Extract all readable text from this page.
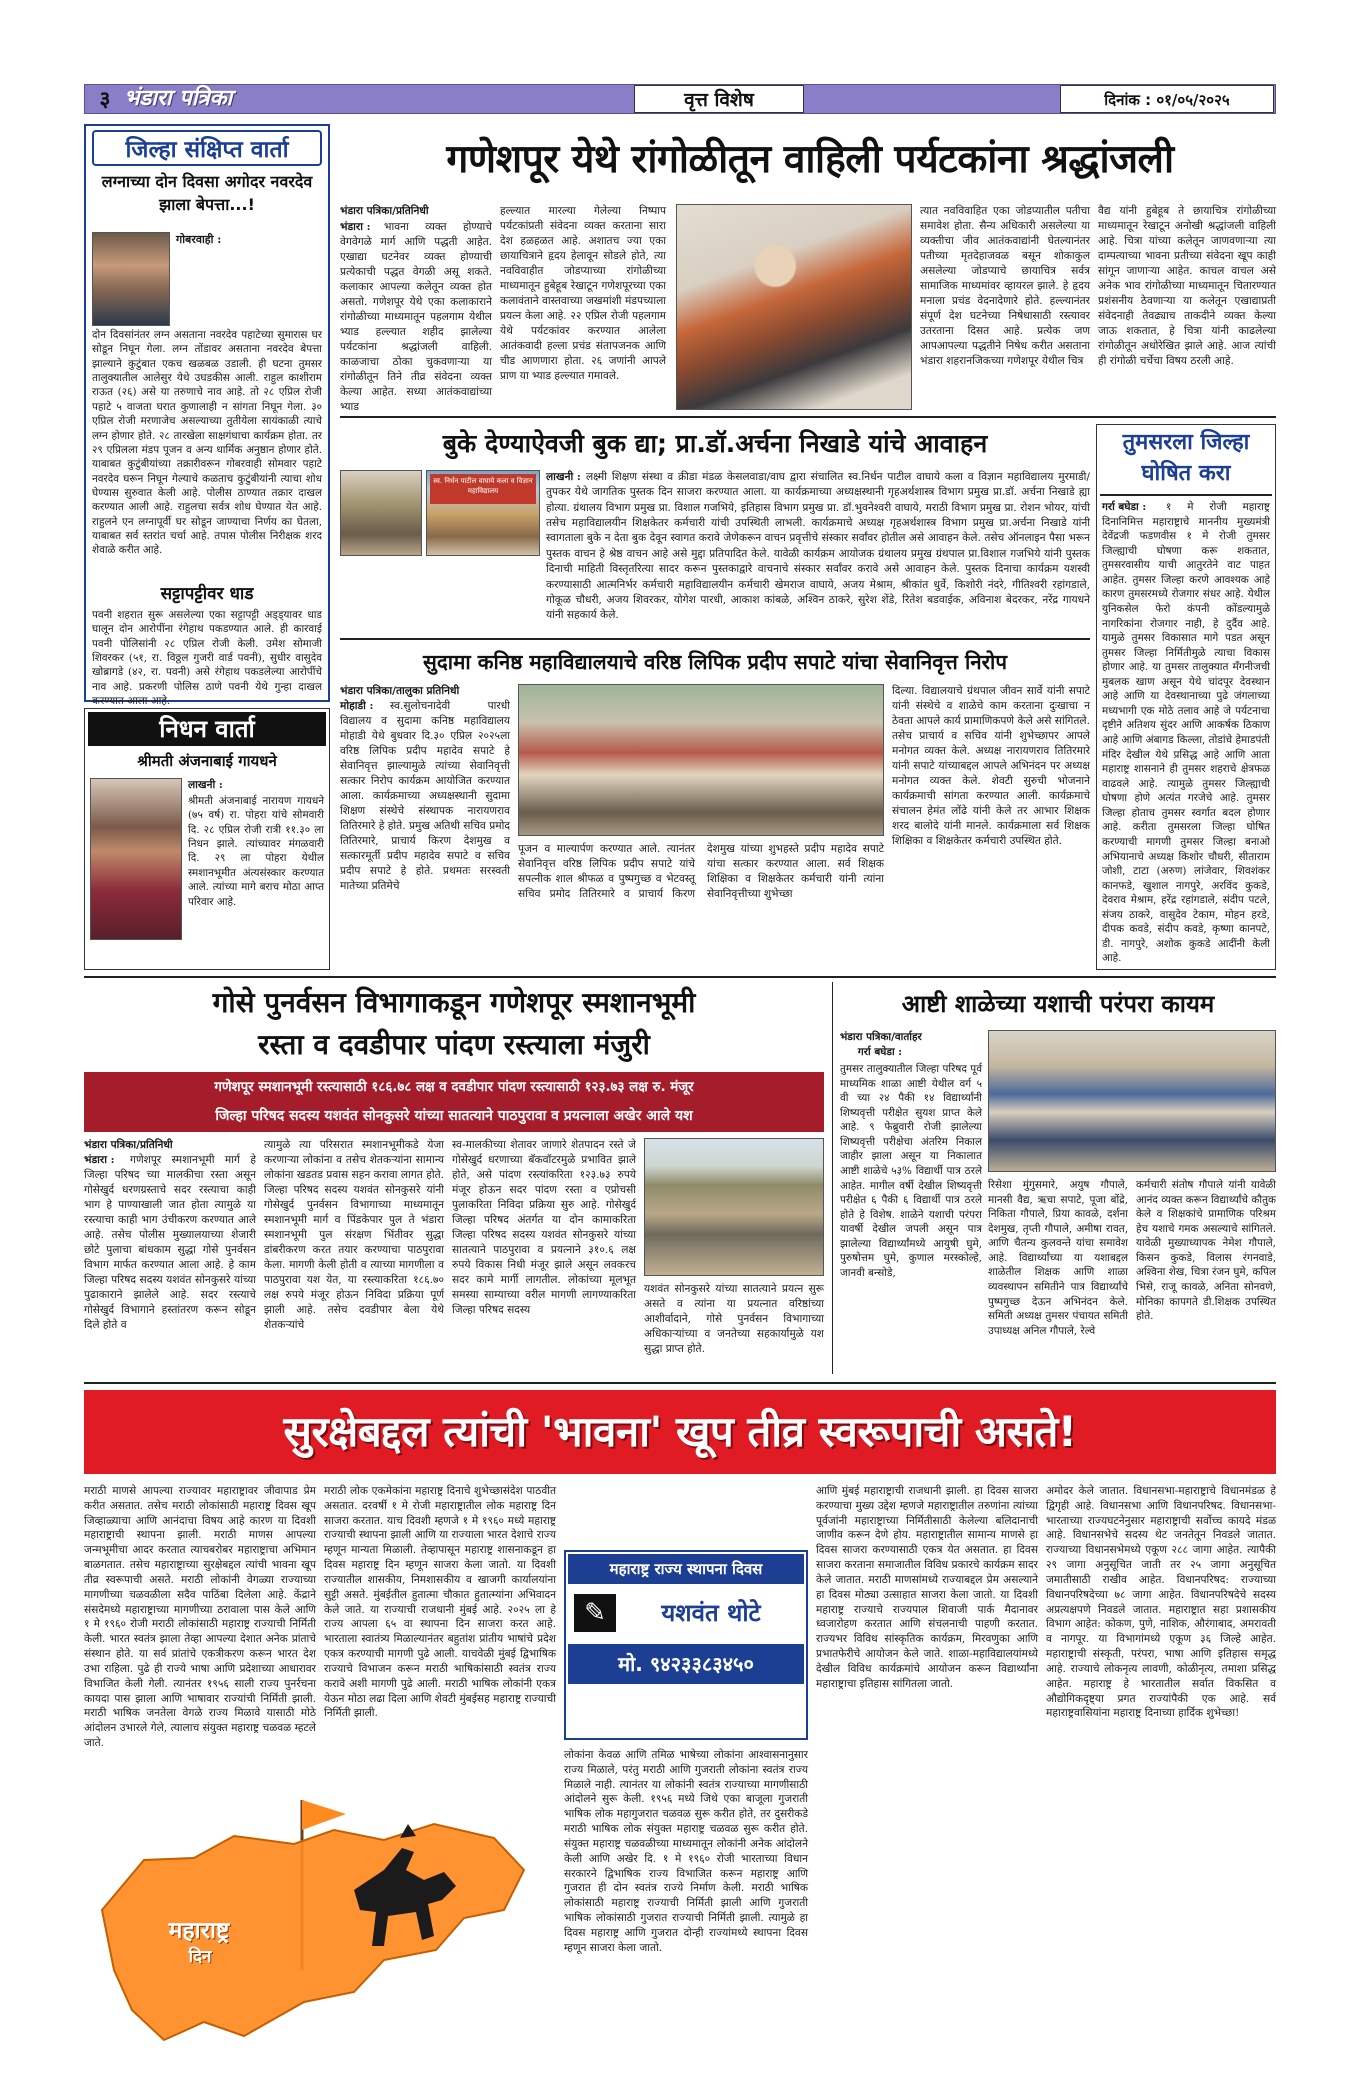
३ भंडारा पत्रिका	वृत्त विशेष	दिनांक : ०१/०५/२०२५
जिल्हा संक्षिप्त वार्ता
लग्नाच्या दोन दिवसा अगोदर नवरदेव झाला बेपत्ता...!
गोबरवाही :
दोन दिवसांनंतर लग्न असताना नवरदेव पहाटेच्या सुमारास घर सोडून निघून गेला. लग्न तोंडावर असताना नवरदेव बेपत्ता झाल्याने कुटुंबात एकच खळबळ उडाली. ही घटना तुमसर तालुक्यातील आलेसुर येथे उघडकीस आली. राहुल काशीराम राऊत (२६) असे या तरुणाचे नाव आहे. तो २८ एप्रिल रोजी पहाटे ५ वाजता घरात कुणालाही न सांगता निघून गेला. ३० एप्रिल रोजी मरणाजेच असल्याच्या तुतीयेला सायंकाळी त्याचे लग्न होणार होते. २८ तारखेला साक्षगंधाचा कार्यक्रम होता. तर २९ एप्रिलला मंडप पूजन व अन्य धार्मिक अनुष्ठान होणार होते. याबाबत कुटुंबीयांच्या तक्रारीवरून गोबरवाही सोमवार पहाटे नवरदेव घरून निघून गेल्याचे कळताच कुटुंबीयांनी त्याचा शोध घेण्यास सुरुवात केली आहे. पोलीस ठाण्यात तक्रार दाखल करण्यात आली आहे. राहुलचा सर्वत्र शोध घेण्यात येत आहे. राहुलने एन लग्नापूर्वी घर सोडून जाण्याचा निर्णय का घेतला, याबाबत सर्व स्तरांत चर्चा आहे. तपास पोलीस निरीक्षक शरद शेवाळे करीत आहे.
सट्टापट्टीवर धाड
पवनी शहरात सुरू असलेल्या एका सट्टापट्टी अड्ड्यावर धाड घालून दोन आरोपींना रंगेहाथ पकडण्यात आले. ही कारवाई पवनी पोलिसांनी २८ एप्रिल रोजी केली. उमेश सोमाजी शिवरकर (५१, रा. विठ्ठल गुजरी वार्ड पवनी), सुधीर वासुदेव खोब्रागडे (४२, रा. पवनी) असे रंगेहाथ पकडलेल्या आरोपींचे नाव आहे. प्रकरणी पोलिस ठाणे पवनी येथे गुन्हा दाखल करण्यात आला आहे.
निधन वार्ता
श्रीमती अंजनाबाई गायधने
लाखनी :
श्रीमती अंजनाबाई नारायण गायधने (७५ वर्ष) रा. पोहरा यांचे सोमवारी दि. २८ एप्रिल रोजी रात्री ११.३० ला निधन झाले. त्यांच्यावर मंगळवारी दि. २९ ला पोहरा येथील स्मशानभूमीत अंत्यसंस्कार करण्यात आले. त्यांच्या मागे बराच मोठा आप्त परिवार आहे.
गणेशपूर येथे रांगोळीतून वाहिली पर्यटकांना श्रद्धांजली
भंडारा पत्रिका/प्रतिनिधी
भंडारा :	भावना व्यक्त होण्याचे वेगवेगळे मार्ग आणि पद्धती आहेत. एखाद्या घटनेवर व्यक्त होण्याची प्रत्येकाची पद्धत वेगळी असू शकते. कलाकार आपल्या कलेतून व्यक्त होत असतो. गणेशपूर येथे एका कलाकाराने रांगोळीच्या माध्यमातून पहलगाम येथील भ्याड हल्ल्यात शहीद झालेल्या पर्यटकांना श्रद्धांजली वाहिली. काळजाचा ठोका चुकवणाऱ्या या रांगोळीतून तिने तीव्र संवेदना व्यक्त केल्या आहेत. सध्या आतंकवाद्यांच्या भ्याड
हल्ल्यात मारल्या गेलेल्या निष्पाप पर्यटकांप्रती संवेदना व्यक्त करताना सारा देश हळहळत आहे. अशातच ज्या एका छायाचित्राने हृदय हेलावून सोडले होते, त्या नवविवाहीत जोडप्याच्या रांगोळीच्या माध्यमातून हुबेहूब रेखाटून गणेशपूरच्या एका कलावंताने वास्तवाच्या जखमांशी मंडपच्याला प्रयत्न केला आहे. २२ एप्रिल रोजी पहलगाम येथे पर्यटकांवर करण्यात आलेला आतंकवादी हल्ला प्रचंड संतापजनक आणि चीड आणणारा होता. २६ जणांनी आपले प्राण या भ्याड हल्ल्यात गमावले.
त्यात नवविवाहित एका जोडप्यातील पतीचा समावेश होता. सैन्य अधिकारी असलेल्या या व्यक्तीचा जीव आतंकवाद्यांनी घेतल्यानंतर पतीच्या मृतदेहाजवळ बसून शोकाकुल असलेल्या जोडप्याचे छायाचित्र सर्वत्र सामाजिक माध्यमांवर व्हायरल झाले. हे हृदय मनाला प्रचंड वेदनादेणारे होते. हल्ल्यानंतर संपूर्ण देश घटनेच्या निषेधासाठी रस्त्यावर उतरताना दिसत आहे. प्रत्येक जण आपआपल्या पद्धतीने निषेध करीत असताना भंडारा शहरानजिकच्या गणेशपूर येथील चित्र
वैद्य यांनी हुबेहूब ते छायाचित्र रांगोळीच्या माध्यमातून रेखाटून अनोखी श्रद्धांजली वाहिली आहे. चित्रा यांच्या कलेतून जाणवणाऱ्या त्या दाम्पत्याच्या भावना प्रतीच्या संवेदना खूप काही सांगून जाणाऱ्या आहेत. काचल वाचल असे अनेक भाव रांगोळीच्या माध्यमातून चितारण्यात प्रशंसनीय ठेवणाऱ्या या कलेतून एखाद्याप्रती संवेदनाही तेवढ्याच ताकदीने व्यक्त केल्या जाऊ शकतात, हे चित्रा यांनी काढलेल्या रांगोळीतून अधोरेखित झाले आहे. आज त्यांची ही रांगोळी चर्चेचा विषय ठरली आहे.
बुके देण्याऐवजी बुक द्या; प्रा.डॉ.अर्चना निखाडे यांचे आवाहन
स्व. निर्धन पाटील वाघाये कला व विज्ञान महाविद्यालय
लाखनी : लक्ष्मी शिक्षण संस्था व क्रीडा मंडळ केसलवाडा/वाघ द्वारा संचालित स्व.निर्धन पाटील वाघाये कला व विज्ञान महाविद्यालय मुरमाडी/तुपकर येथे जागतिक पुस्तक दिन साजरा करण्यात आला. या कार्यक्रमाच्या अध्यक्षस्थानी गृहअर्थशास्त्र विभाग प्रमुख प्रा.डॉ. अर्चना निखाडे ह्या होत्या. ग्रंथालय विभाग प्रमुख प्रा. विशाल गजभिये, इतिहास विभाग प्रमुख प्रा. डॉ.भुवनेश्वरी वाघाये, मराठी विभाग प्रमुख प्रा. रोशन भोयर, यांची तसेच महाविद्यालयीन शिक्षकेतर कर्मचारी यांची उपस्थिती लाभली. कार्यक्रमाचे अध्यक्ष गृहअर्थशास्त्र विभाग प्रमुख प्रा.अर्चना निखाडे यांनी स्वागताला बुके न देता बुक देवून स्वागत करावे जेणेकरून वाचन प्रवृत्तीचे संस्कार सर्वांवर होतील असे आवाहन केले. तसेच ऑनलाइन पैसा भरून पुस्तक वाचन हे श्रेष्ठ वाचन आहे असे मुद्दा प्रतिपादित केले. यावेळी कार्यक्रम आयोजक ग्रंथालय प्रमुख ग्रंथपाल प्रा.विशाल गजभिये यांनी पुस्तक दिनाची माहिती विस्तृतरित्या सादर करून पुस्तकाद्वारे वाचनाचे संस्कार सर्वांवर करावे असे आवाहन केले. पुस्तक दिनाचा कार्यक्रम यशस्वी करण्यासाठी आत्मनिर्भर कर्मचारी महाविद्यालयीन कर्मचारी खेमराज वाघाये, अजय मेश्राम, श्रीकांत धुर्वे, किशोरी नंदरे, गीतिश्वरी रहांगडाले, गोकूळ चौधरी, अजय शिवरकर, योगेश पारधी, आकाश कांबळे, अश्विन ठाकरे, सुरेश शेंडे, रितेश बडवाईक, अविनाश बेदरकर, नरेंद्र गायधने यांनी सहकार्य केले.
तुमसरला जिल्हा घोषित करा
गर्रा बघेडा :	१ मे रोजी महाराष्ट्र दिनानिमित्त महाराष्ट्राचे माननीय मुख्यमंत्री देवेंद्रजी फडणवीस १ मे रोजी तुमसर जिल्ह्याची घोषणा करू शकतात, तुमसरवासीय याची आतुरतेने वाट पाहत आहेत. तुमसर जिल्हा करणे आवश्यक आहे कारण तुमसरमध्ये रोजगार संधर आहे. येथील युनिकसेल फेरो कंपनी कोंडल्यामुळे नागरिकांना रोजगार नाही, हे दुर्दैव आहे. यामुळे तुमसर विकासात मागे पडत असून तुमसर जिल्हा निर्मितीमुळे त्याचा विकास होणार आहे. या तुमसर तालुक्यात मँगनीजची मुबलक खाण असून येथे चांदपूर देवस्थान आहे आणि या देवस्थानाच्या पुढे जंगलाच्या मध्यभागी एक मोठे तलाव आहे जे पर्यटनाचा दृष्टीने अतिशय सुंदर आणि आकर्षक ठिकाण आहे आणि अंबागड किल्ला, तोडांचे हेमाडपंती मंदिर देखील येथे प्रसिद्ध आहे आणि आता महाराष्ट्र शासनाने ही तुमसर शहराचे क्षेत्रफळ वाढवले आहे. त्यामुळे तुमसर जिल्ह्याची घोषणा होणे अत्यंत गरजेचे आहे. तुमसर जिल्हा होताच तुमसर स्वर्गात बदल होणार आहे. करीता तुमसरला जिल्हा घोषित करण्याची मागणी तुमसर जिल्हा बनाओ अभियानाचे अध्यक्ष किशोर चौधरी, सीताराम जोशी, टाटा (अरुण) लांजेवार, शिवशंकर कानफडे, खुशाल नागपुरे, अरविंद कुकडे, देवराव मेश्राम, हरेंद्र रहांगडाले, संदीप पटले, संजय ठाकरे, वासुदेव टेकाम, मोहन हरडे, दीपक कवडे, संदीप कवडे, कृष्णा कानपटे, डी. नागपुरे, अशोक कुकडे आदींनी केली आहे.
सुदामा कनिष्ठ महाविद्यालयाचे वरिष्ठ लिपिक प्रदीप सपाटे यांचा सेवानिवृत्त निरोप
भंडारा पत्रिका/तालुका प्रतिनिधी
मोहाडी :	स्व.सुलोचनादेवी पारधी विद्यालय व सुदामा कनिष्ठ महाविद्यालय मोहाडी येथे बुधवार दि.३० एप्रिल २०२५ला वरिष्ठ लिपिक प्रदीप महादेव सपाटे हे सेवानिवृत्त झाल्यामुळे त्यांच्या सेवानिवृत्ती सत्कार निरोप कार्यक्रम आयोजित करण्यात आला. कार्यक्रमाच्या अध्यक्षस्थानी सुदामा शिक्षण संस्थेचे संस्थापक नारायणराव तितिरमारे हे होते. प्रमुख अतिथी सचिव प्रमोद तितिरमारे, प्राचार्य किरण देशमुख व सत्कारमूर्ती प्रदीप महादेव सपाटे व सचिव प्रदीप सपाटे हे होते. प्रथमतः सरस्वती मातेच्या प्रतिमेचे
पूजन व माल्यार्पण करण्यात आले. त्यानंतर सेवानिवृत्त वरिष्ठ लिपिक प्रदीप सपाटे यांचे सपत्नीक शाल श्रीफळ व पुष्पगुच्छ व भेटवस्तू सचिव प्रमोद तितिरमारे व प्राचार्य किरण देशमुख यांच्या शुभहस्ते प्रदीप महादेव सपाटे यांचा सत्कार करण्यात आला. सर्व शिक्षक शिक्षिका व शिक्षकेतर कर्मचारी यांनी त्यांना सेवानिवृत्तीच्या शुभेच्छा
दिल्या. विद्यालयाचे ग्रंथपाल जीवन सार्वे यांनी सपाटे यांनी संस्थेचे व शाळेचे काम करताना दुःखाचा न ठेवता आपले कार्य प्रामाणिकपणे केले असे सांगितले. तसेच प्राचार्य व सचिव यांनी शुभेच्छापर आपले मनोगत व्यक्त केले. अध्यक्ष नारायणराव तितिरमारे यांनी सपाटे यांच्याबद्दल आपले अभिनंदन पर अध्यक्ष मनोगत व्यक्त केले. शेवटी सुरुची भोजनाने कार्यक्रमाची सांगता करण्यात आली. कार्यक्रमाचे संचालन हेमंत लोंढे यांनी केले तर आभार शिक्षक शरद बालोदे यांनी मानले. कार्यक्रमाला सर्व शिक्षक शिक्षिका व शिक्षकेतर कर्मचारी उपस्थित होते.
गोसे पुनर्वसन विभागाकडून गणेशपूर स्मशानभूमी
रस्ता व दवडीपार पांदण रस्त्याला मंजुरी
गणेशपूर स्मशानभूमी रस्त्यासाठी १८६.७८ लक्ष व दवडीपार पांदण रस्त्यासाठी १२३.७३ लक्ष रु. मंजूर
जिल्हा परिषद सदस्य यशवंत सोनकुसरे यांच्या सातत्याने पाठपुरावा व प्रयत्नाला अखेर आले यश
भंडारा पत्रिका/प्रतिनिधी
भंडारा :	गणेशपूर स्मशानभूमी मार्ग हे जिल्हा परिषद च्या मालकीचा रस्ता असून गोसेखुर्द धरणग्रस्ताचे सदर रस्त्याचा काही भाग हे पाण्याखाली जात होता त्यामुळे या रस्त्याचा काही भाग उंचीकरण करण्यात आले आहे. तसेच पोलीस मुख्यालयाच्या शेजारी छोटे पुलाचा बांधकाम सुद्धा गोसे पुनर्वसन विभाग मार्फत करण्यात आला आहे. हे काम जिल्हा परिषद सदस्य यशवंत सोनकुसरे यांच्या पुढाकाराने झालेले आहे. सदर रस्त्याचे गोसेखुर्द विभागाने हस्तांतरण करून सोडून दिले होते व
त्यामुळे त्या परिसरात स्मशानभूमीकडे येजा करणाऱ्या लोकांना व तसेच शेतकऱ्यांना सामान्य लोकांना खडतड प्रवास सहन करावा लागत होते. जिल्हा परिषद सदस्य यशवंत सोनकुसरे यांनी गोसेखुर्द पुनर्वसन विभागाच्या माध्यमातून स्मशानभूमी मार्ग व पिंडकेपार पुल ते भंडारा स्मशानभूमी पुल संरक्षण भिंतीवर सुद्धा डांबरीकरण करत तयार करण्याचा पाठपुरावा केला. मागणी केली होती व त्याच्या मागणीला व पाठपुरावा यश येत, या रस्त्याकरिता १८६.७० लक्ष रुपये मंजूर होऊन निविदा प्रक्रिया पूर्ण झाली आहे. तसेच दवडीपार बेला येथे शेतकऱ्यांचे
स्व-मालकीच्या शेतावर जाणारे शेतपादन रस्ते जे गोसेखुर्द धरणाच्या बॅकवॉटरमुळे प्रभावित झाले होते, असे पांदण रस्त्यांकरिता १२३.७३ रुपये मंजूर होऊन सदर पांदण रस्ता व एप्रोचसी पुलाकरिता निविदा प्रक्रिया सुरु आहे. गोसेखुर्द जिल्हा परिषद अंतर्गत या दोन कामाकरिता जिल्हा परिषद सदस्य यशवंत सोनकुसरे यांच्या सातत्याने पाठपुरावा व प्रयत्नाने ३१०.६ लक्ष रुपये विकास निधी मंजूर झाले असून लवकरच सदर कामे मार्गी लागतील. लोकांच्या मूलभूत समस्या साम्याच्या वरील मागणी लागण्याकरिता जिल्हा परिषद सदस्य
यशवंत सोनकुसरे यांच्या सातत्याने प्रयत्न सुरू असते व त्यांना या प्रयत्नात वरिष्ठांच्या आशीर्वादाने, गोसे पुनर्वसन विभागाच्या अधिकाऱ्यांच्या व जनतेच्या सहकार्यामुळे यश सुद्धा प्राप्त होते.
आष्टी शाळेच्या यशाची परंपरा कायम
भंडारा पत्रिका/वार्ताहर
गर्रा बघेडा :
तुमसर तालुक्यातील जिल्हा परिषद पूर्व माध्यमिक शाळा आष्टी येथील वर्ग ५ वी च्या २४ पैकी १४ विद्यार्थ्यांनी शिष्यवृत्ती परीक्षेत सुयश प्राप्त केले आहे. ९ फेब्रुवारी रोजी झालेल्या शिष्यवृत्ती परीक्षेचा अंतरिम निकाल जाहीर झाला असून या निकालात आष्टी शाळेचे ५३% विद्यार्थी पात्र ठरले आहेत. मागील वर्षी देखील शिष्यवृत्ती परीक्षेत ६ पैकी ६ विद्यार्थी पात्र ठरले होते हे विशेष. शाळेने यशाची परंपरा यावर्षी देखील जपली असून पात्र झालेल्या विद्यार्थ्यांमध्ये आयुषी घुमे, पुरुषोत्तम घुमे, कुणाल मरस्कोल्हे, जानवी बन्सोडे,
रिसेशा मुंगुसमारे, अयुष गौपाले, मानसी वैद्य, ऋचा सपाटे, पूजा बोंद्रे, निकिता गौपाले, प्रिया कावळे, दर्शना देशमुख, तृप्ती गौपाले, अमीषा रावत, आणि चैतन्य कुलवन्ते यांचा समावेश आहे. विद्यार्थ्यांच्या या यशाबद्दल शाळेतील शिक्षक आणि शाळा व्यवस्थापन समितीने पात्र विद्यार्थ्यांचे पुष्पगुच्छ देऊन अभिनंदन केले. समिती अध्यक्ष तुमसर पंचायत समिती उपाध्यक्ष अनिल गौपाले, रेल्वे
कर्मचारी संतोष गौपाले यांनी यावेळी आनंद व्यक्त करून विद्यार्थ्यांचे कौतुक केले व शिक्षकांचे प्रामाणिक परिश्रम हेच यशाचे गमक असल्याचे सांगितले. यावेळी मुख्याध्यापक नेमेश गौपाले, किसन कुकडे, विलास रंगनवाडे, अश्विना शेख, चित्रा रंजन घुमे, कपिल भिसे, राजू कावळे, अनिता सोनवणे, मोनिका कापगते डी.शिक्षक उपस्थित होते.
सुरक्षेबद्दल त्यांची 'भावना' खूप तीव्र स्वरूपाची असते!
मराठी माणसे आपल्या राज्यावर महाराष्ट्रावर जीवापाड प्रेम करीत असतात. तसेच मराठी लोकांसाठी महाराष्ट्र दिवस खूप जिव्हाळ्याचा आणि आनंदाचा विषय आहे कारण या दिवशी महाराष्ट्राची स्थापना झाली. मराठी माणस आपल्या जन्मभूमीचा आदर करतात त्याचबरोबर महाराष्ट्राचा अभिमान बाळगतात. तसेच महाराष्ट्राच्या सुरक्षेबद्दल त्यांची भावना खूप तीव्र स्वरूपाची असते. मराठी लोकांनी वेगळ्या राज्याच्या मागणीच्या चळवळीला सदैव पाठिंबा दिलेला आहे. केंद्राने संसदेमध्ये महाराष्ट्राच्या मागणीच्या ठरावाला पास केले आणि १ मे १९६० रोजी मराठी लोकांसाठी महाराष्ट्र राज्याची निर्मिती केली. भारत स्वतंत्र झाला तेव्हा आपल्या देशात अनेक प्रांताचे संस्थान होते. या सर्व प्रांतांचे एकत्रीकरण करून भारत देश उभा राहिला. पुढे ही राज्ये भाषा आणि प्रदेशाच्या आधारावर विभाजित केली गेली. त्यानंतर १९५६ साली राज्य पुनर्रचना कायदा पास झाला आणि भाषावार राज्यांची निर्मिती झाली. मराठी भाषिक जनतेला वेगळे राज्य मिळावे यासाठी मोठे आंदोलन उभारले गेले, त्यालाच संयुक्त महाराष्ट्र चळवळ म्हटले जाते.
मराठी लोक एकमेकांना महाराष्ट्र दिनाचे शुभेच्छासंदेश पाठवीत असतात. दरवर्षी १ मे रोजी महाराष्ट्रातील लोक महाराष्ट्र दिन साजरा करतात. याच दिवशी म्हणजे १ मे १९६० मध्ये महाराष्ट्र राज्याची स्थापना झाली आणि या राज्याला भारत देशाचे राज्य म्हणून मान्यता मिळाली. तेव्हापासून महाराष्ट्र शासनाकडून हा दिवस महाराष्ट्र दिन म्हणून साजरा केला जातो. या दिवशी राज्यातील शासकीय, निमशासकीय व खाजगी कार्यालयांना सुट्टी असते. मुंबईतील हुतात्मा चौकात हुतात्म्यांना अभिवादन केले जाते. या राज्याची राजधानी मुंबई आहे. २०२५ ला हे राज्य आपला ६५ वा स्थापना दिन साजरा करत आहे. भारताला स्वातंत्र्य मिळाल्यानंतर बहुतांश प्रांतीय भाषांचे प्रदेश एकत्र करण्याची मागणी पुढे आली. याचवेळी मुंबई द्विभाषिक राज्याचे विभाजन करून मराठी भाषिकांसाठी स्वतंत्र राज्य करावे अशी मागणी पुढे आली. मराठी भाषिक लोकांनी एकत्र येऊन मोठा लढा दिला आणि शेवटी मुंबईसह महाराष्ट्र राज्याची निर्मिती झाली.
महाराष्ट्र राज्य स्थापना दिवस
✎	यशवंत थोटे
मो. ९४२३३८३४५०
लोकांना केवळ आणि तमिळ भाषेच्या लोकांना आश्वासनानुसार राज्य मिळाले, परंतु मराठी आणि गुजराती लोकांना स्वतंत्र राज्य मिळाले नाही. त्यानंतर या लोकांनी स्वतंत्र राज्याच्या मागणीसाठी आंदोलने सुरू केली. १९५६ मध्ये जिथे एका बाजूला गुजराती भाषिक लोक महागुजरात चळवळ सुरू करीत होते, तर दुसरीकडे मराठी भाषिक लोक संयुक्त महाराष्ट्र चळवळ सुरू करीत होते. संयुक्त महाराष्ट्र चळवळीच्या माध्यमातून लोकांनी अनेक आंदोलने केली आणि अखेर दि. १ मे १९६० रोजी भारताच्या विधान सरकारने द्विभाषिक राज्य विभाजित करून महाराष्ट्र आणि गुजरात ही दोन स्वतंत्र राज्ये निर्माण केली. मराठी भाषिक लोकांसाठी महाराष्ट्र राज्याची निर्मिती झाली आणि गुजराती भाषिक लोकांसाठी गुजरात राज्याची निर्मिती झाली. त्यामुळे हा दिवस महाराष्ट्र आणि गुजरात दोन्ही राज्यांमध्ये स्थापना दिवस म्हणून साजरा केला जातो.
आणि मुंबई महाराष्ट्राची राजधानी झाली. हा दिवस साजरा करण्याचा मुख्य उद्देश म्हणजे महाराष्ट्रातील तरुणांना त्यांच्या पूर्वजांनी महाराष्ट्राच्या निर्मितीसाठी केलेल्या बलिदानाची जाणीव करून देणे होय. महाराष्ट्रातील सामान्य माणसे हा दिवस साजरा करण्यासाठी एकत्र येत असतात. हा दिवस साजरा करताना समाजातील विविध प्रकारचे कार्यक्रम सादर केले जातात. मराठी माणसांमध्ये राज्याबद्दल प्रेम असल्याने हा दिवस मोठ्या उत्साहात साजरा केला जातो. या दिवशी महाराष्ट्र राज्याचे राज्यपाल शिवाजी पार्क मैदानावर ध्वजारोहण करतात आणि संचलनाची पाहणी करतात. राज्यभर विविध सांस्कृतिक कार्यक्रम, मिरवणुका आणि प्रभातफेरीचे आयोजन केले जाते. शाळा-महाविद्यालयांमध्ये देखील विविध कार्यक्रमांचे आयोजन करून विद्यार्थ्यांना महाराष्ट्राचा इतिहास सांगितला जातो.
अमोदर केले जातात. विधानसभा-महाराष्ट्राचे विधानमंडळ हे द्विगृही आहे. विधानसभा आणि विधानपरिषद. विधानसभा-भारताच्या राज्यघटनेनुसार महाराष्ट्राची सर्वोच्च कायदे मंडळ आहे. विधानसभेचे सदस्य थेट जनतेतून निवडले जातात. राज्याच्या विधानसभेमध्ये एकूण २८८ जागा आहेत. त्यापैकी २९ जागा अनुसूचित जाती तर २५ जागा अनुसूचित जमातीसाठी राखीव आहेत. विधानपरिषद: राज्याच्या विधानपरिषदेच्या ७८ जागा आहेत. विधानपरिषदेचे सदस्य अप्रत्यक्षपणे निवडले जातात. महाराष्ट्रात सहा प्रशासकीय विभाग आहेत: कोकण, पुणे, नाशिक, औरंगाबाद, अमरावती व नागपूर. या विभागांमध्ये एकूण ३६ जिल्हे आहेत. महाराष्ट्राची संस्कृती, परंपरा, भाषा आणि इतिहास समृद्ध आहे. राज्याचे लोकनृत्य लावणी, कोळीनृत्य, तमाशा प्रसिद्ध आहेत. महाराष्ट्र हे भारतातील सर्वात विकसित व औद्योगिकदृष्ट्या प्रगत राज्यांपैकी एक आहे. सर्व महाराष्ट्रवासियांना महाराष्ट्र दिनाच्या हार्दिक शुभेच्छा!
महाराष्ट्र
दिन
